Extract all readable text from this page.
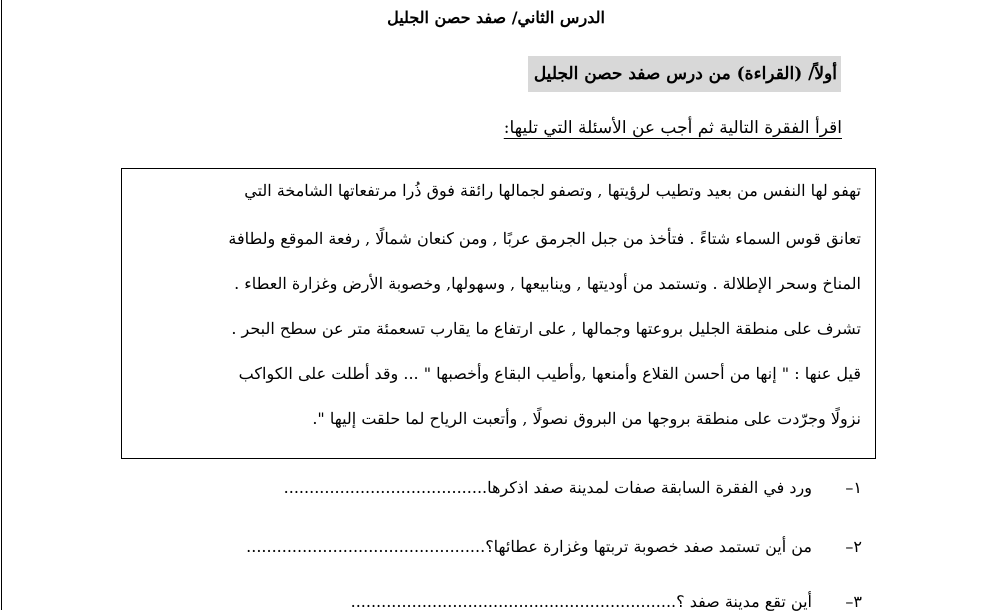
الدرس الثاني/ صفد حصن الجليل
أولاً/ (القراءة) من درس صفد حصن الجليل
اقرأ الفقرة التالية ثم أجب عن الأسئلة التي تليها:
تهفو لها النفس من بعيد وتطيب لرؤيتها , وتصفو لجمالها رائقة فوق ذُرا مرتفعاتها الشامخة التي
تعانق قوس السماء شتاءً . فتأخذ من جبل الجرمق عربًا , ومن كنعان شمالًا , رفعة الموقع ولطافة
المناخ وسحر الإطلالة . وتستمد من أوديتها , وينابيعها , وسهولها, وخصوبة الأرض وغزارة العطاء .
تشرف على منطقة الجليل بروعتها وجمالها , على ارتفاع ما يقارب تسعمئة متر عن سطح البحر .
قيل عنها : " إنها من أحسن القلاع وأمنعها ,وأطيب البقاع وأخصبها " ... وقد أطلت على الكواكب
نزولًا وجرّدت على منطقة بروجها من البروق نصولًا , وأتعبت الرياح لما حلقت إليها ".
١–ورد في الفقرة السابقة صفات لمدينة صفد اذكرها........................................
٢–من أين تستمد صفد خصوبة تربتها وغزارة عطائها؟...............................................
٣–أين تقع مدينة صفد ؟................................................................
